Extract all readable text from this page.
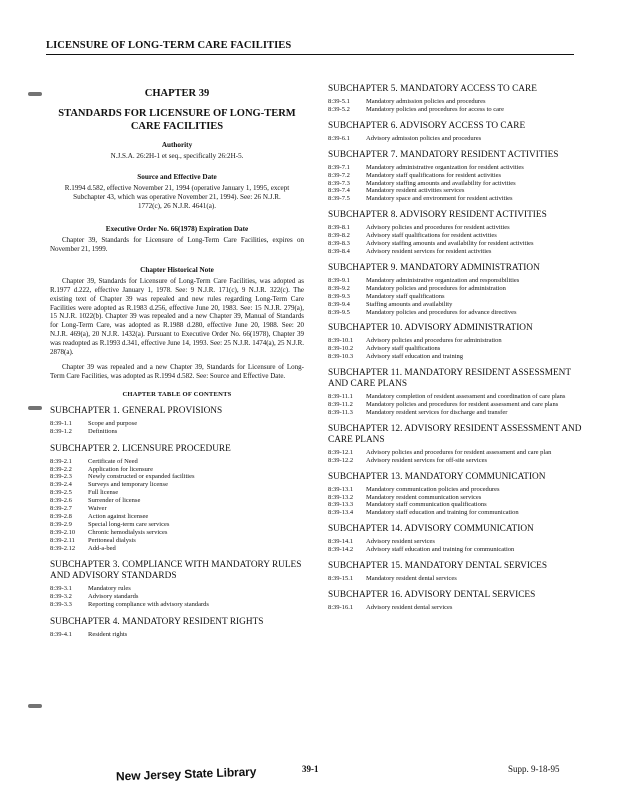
LICENSURE OF LONG-TERM CARE FACILITIES
CHAPTER 39
STANDARDS FOR LICENSURE OF LONG-TERM CARE FACILITIES
Authority
N.J.S.A. 26:2H-1 et seq., specifically 26:2H-5.
Source and Effective Date
R.1994 d.582, effective November 21, 1994 (operative January 1, 1995, except Subchapter 43, which was operative November 21, 1994). See: 26 N.J.R. 1772(c), 26 N.J.R. 4641(a).
Executive Order No. 66(1978) Expiration Date
Chapter 39, Standards for Licensure of Long-Term Care Facilities, expires on November 21, 1999.
Chapter Historical Note
Chapter 39, Standards for Licensure of Long-Term Care Facilities, was adopted as R.1977 d.222, effective January 1, 1978. See: 9 N.J.R. 171(c), 9 N.J.R. 322(c). The existing text of Chapter 39 was repealed and new rules regarding Long-Term Care Facilities were adopted as R.1983 d.256, effective June 20, 1983. See: 15 N.J.R. 279(a), 15 N.J.R. 1022(b). Chapter 39 was repealed and a new Chapter 39, Manual of Standards for Long-Term Care, was adopted as R.1988 d.280, effective June 20, 1988. See: 20 N.J.R. 469(a), 20 N.J.R. 1432(a). Pursuant to Executive Order No. 66(1978), Chapter 39 was readopted as R.1993 d.341, effective June 14, 1993. See: 25 N.J.R. 1474(a), 25 N.J.R. 2878(a).
Chapter 39 was repealed and a new Chapter 39, Standards for Licensure of Long-Term Care Facilities, was adopted as R.1994 d.582. See: Source and Effective Date.
CHAPTER TABLE OF CONTENTS
SUBCHAPTER 1. GENERAL PROVISIONS
8:39-1.1	Scope and purpose
8:39-1.2	Definitions
SUBCHAPTER 2. LICENSURE PROCEDURE
8:39-2.1	Certificate of Need
8:39-2.2	Application for licensure
8:39-2.3	Newly constructed or expanded facilities
8:39-2.4	Surveys and temporary license
8:39-2.5	Full license
8:39-2.6	Surrender of license
8:39-2.7	Waiver
8:39-2.8	Action against licensee
8:39-2.9	Special long-term care services
8:39-2.10	Chronic hemodialysis services
8:39-2.11	Peritoneal dialysis
8:39-2.12	Add-a-bed
SUBCHAPTER 3. COMPLIANCE WITH MANDATORY RULES AND ADVISORY STANDARDS
8:39-3.1	Mandatory rules
8:39-3.2	Advisory standards
8:39-3.3	Reporting compliance with advisory standards
SUBCHAPTER 4. MANDATORY RESIDENT RIGHTS
8:39-4.1	Resident rights
SUBCHAPTER 5. MANDATORY ACCESS TO CARE
8:39-5.1	Mandatory admission policies and procedures
8:39-5.2	Mandatory policies and procedures for access to care
SUBCHAPTER 6. ADVISORY ACCESS TO CARE
8:39-6.1	Advisory admission policies and procedures
SUBCHAPTER 7. MANDATORY RESIDENT ACTIVITIES
8:39-7.1	Mandatory administrative organization for resident activities
8:39-7.2	Mandatory staff qualifications for resident activities
8:39-7.3	Mandatory staffing amounts and availability for activities
8:39-7.4	Mandatory resident activities services
8:39-7.5	Mandatory space and environment for resident activities
SUBCHAPTER 8. ADVISORY RESIDENT ACTIVITIES
8:39-8.1	Advisory policies and procedures for resident activities
8:39-8.2	Advisory staff qualifications for resident activities
8:39-8.3	Advisory staffing amounts and availability for resident activities
8:39-8.4	Advisory resident services for resident activities
SUBCHAPTER 9. MANDATORY ADMINISTRATION
8:39-9.1	Mandatory administrative organization and responsibilities
8:39-9.2	Mandatory policies and procedures for administration
8:39-9.3	Mandatory staff qualifications
8:39-9.4	Staffing amounts and availability
8:39-9.5	Mandatory policies and procedures for advance directives
SUBCHAPTER 10. ADVISORY ADMINISTRATION
8:39-10.1	Advisory policies and procedures for administration
8:39-10.2	Advisory staff qualifications
8:39-10.3	Advisory staff education and training
SUBCHAPTER 11. MANDATORY RESIDENT ASSESSMENT AND CARE PLANS
8:39-11.1	Mandatory completion of resident assessment and coordination of care plans
8:39-11.2	Mandatory policies and procedures for resident assessment and care plans
8:39-11.3	Mandatory resident services for discharge and transfer
SUBCHAPTER 12. ADVISORY RESIDENT ASSESSMENT AND CARE PLANS
8:39-12.1	Advisory policies and procedures for resident assessment and care plan
8:39-12.2	Advisory resident services for off-site services
SUBCHAPTER 13. MANDATORY COMMUNICATION
8:39-13.1	Mandatory communication policies and procedures
8:39-13.2	Mandatory resident communication services
8:39-13.3	Mandatory staff communication qualifications
8:39-13.4	Mandatory staff education and training for communication
SUBCHAPTER 14. ADVISORY COMMUNICATION
8:39-14.1	Advisory resident services
8:39-14.2	Advisory staff education and training for communication
SUBCHAPTER 15. MANDATORY DENTAL SERVICES
8:39-15.1	Mandatory resident dental services
SUBCHAPTER 16. ADVISORY DENTAL SERVICES
8:39-16.1	Advisory resident dental services
New Jersey State Library	39-1	Supp. 9-18-95
